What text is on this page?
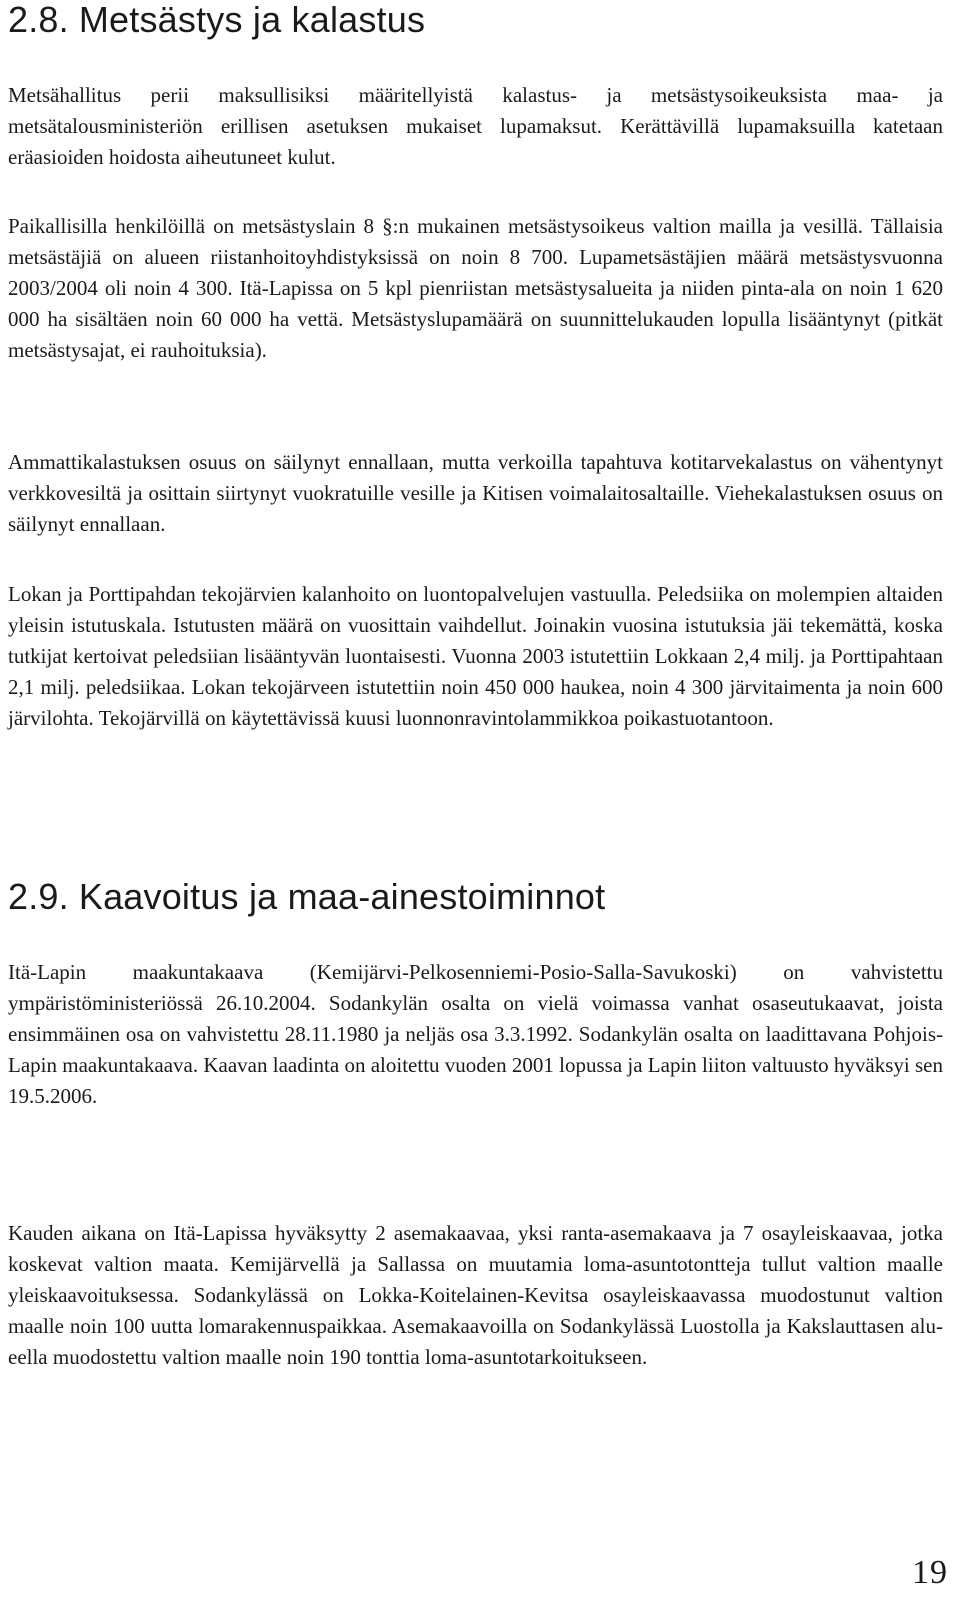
2.8. Metsästys ja kalastus

Metsähallitus perii maksullisiksi määritellyistä kalastus- ja metsästysoikeuksista maa- ja metsätalousministeriön erillisen asetuksen mukaiset lupamaksut. Kerättävillä lupamaksuilla katetaan eräasioiden hoidosta aiheutuneet kulut.

Paikallisilla henkilöillä on metsästyslain 8 §:n mukainen metsästysoikeus valtion mailla ja vesillä. Tällaisia metsästäjiä on alueen riistanhoitoyhdistyksissä on noin 8 700. Lupametsästäjien määrä metsästysvuonna 2003/2004 oli noin 4 300. Itä-Lapissa on 5 kpl pienriistan metsästysalueita ja niiden pinta-ala on noin 1 620 000 ha sisältäen noin 60 000 ha vettä. Metsästyslupamäärä on suunnittelukauden lopulla lisääntynyt (pitkät metsästysajat, ei rauhoituksia).

Ammattikalastuksen osuus on säilynyt ennallaan, mutta verkoilla tapahtuva kotitarvekalastus on vähentynyt verkkovesiltä ja osittain siirtynyt vuokratuille vesille ja Kitisen voimalaitosaltaille. Viehekalastuksen osuus on säilynyt ennallaan.

Lokan ja Porttipahdan tekojärvien kalanhoito on luontopalvelujen vastuulla. Peledsiika on molempien altaiden yleisin istutuskala. Istutusten määrä on vuosittain vaihdellut. Joinakin vuosina istutuksia jäi tekemättä, koska tutkijat kertoivat peledsiian lisääntyvän luontaisesti. Vuonna 2003 istutettiin Lokkaan 2,4 milj. ja Porttipahtaan 2,1 milj. peledsiikaa. Lokan tekojärveen istutettiin noin 450 000 haukea, noin 4 300 järvitaimenta ja noin 600 järvilohta. Tekojärvillä on käytettävissä kuusi luonnonravintolammikkoa poikastuotantoon.

2.9. Kaavoitus ja maa-ainestoiminnot

Itä-Lapin maakuntakaava (Kemijärvi-Pelkosenniemi-Posio-Salla-Savukoski) on vahvistettu ympäristöministeriössä 26.10.2004. Sodankylän osalta on vielä voimassa vanhat osaseutukaavat, joista ensimmäinen osa on vahvistettu 28.11.1980 ja neljäs osa 3.3.1992. Sodankylän osalta on laadittavana Pohjois-Lapin maakuntakaava. Kaavan laadinta on aloitettu vuoden 2001 lopussa ja Lapin liiton valtuusto hyväksyi sen 19.5.2006.

Kauden aikana on Itä-Lapissa hyväksytty 2 asemakaavaa, yksi ranta-asemakaava ja 7 osayleiskaavaa, jotka koskevat valtion maata. Kemijärvellä ja Sallassa on muutamia loma-asuntotontteja tullut valtion maalle yleiskaavoituksessa. Sodankylässä on Lokka-Koitelainen-Kevitsa osayleiskaavassa muodostunut valtion maalle noin 100 uutta lomarakennuspaikkaa. Asemakaavoilla on Sodankylässä Luostolla ja Kakslauttasen alueella muodostettu valtion maalle noin 190 tonttia loma-asuntotarkoitukseen.

19
